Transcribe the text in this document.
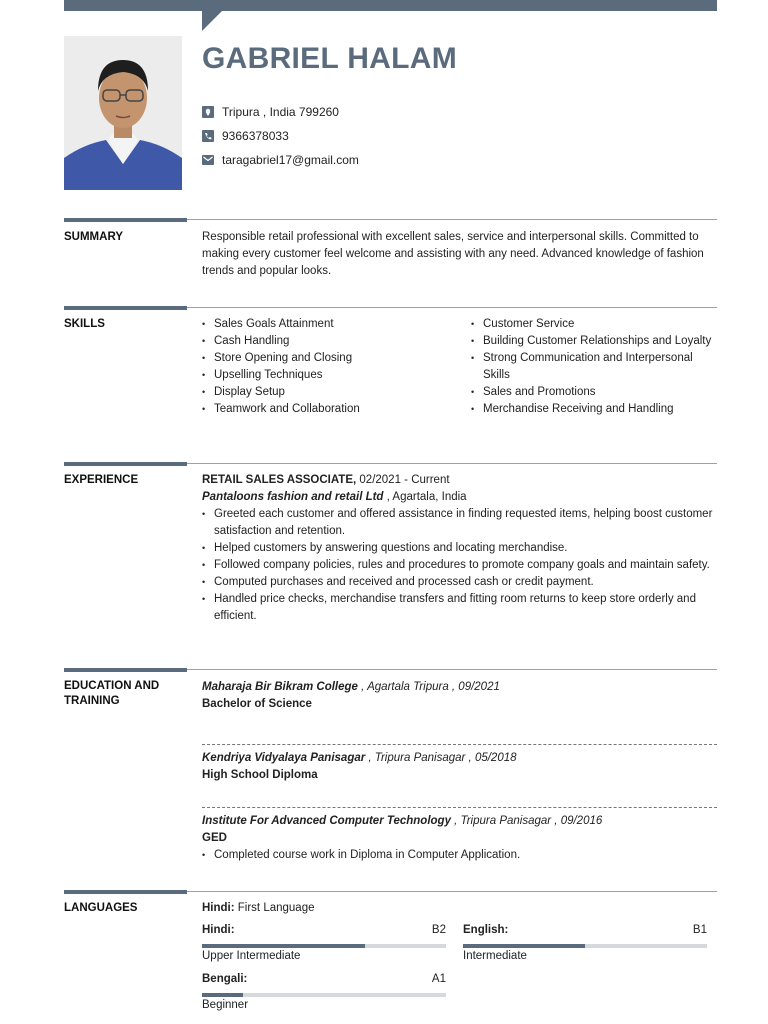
GABRIEL HALAM
Tripura , India 799260
9366378033
taragabriel17@gmail.com
SUMMARY	Responsible retail professional with excellent sales, service and interpersonal skills. Committed to making every customer feel welcome and assisting with any need. Advanced knowledge of fashion trends and popular looks.
SKILLS
•	Sales Goals Attainment
• Cash Handling
• Store Opening and Closing
• Upselling Techniques
• Display Setup
• Teamwork and Collaboration
• Customer Service
• Building Customer Relationships and Loyalty
• Strong Communication and Interpersonal Skills
• Sales and Promotions
• Merchandise Receiving and Handling
EXPERIENCE	RETAIL SALES ASSOCIATE, 02/2021 - Current
Pantaloons fashion and retail Ltd , Agartala, India
• Greeted each customer and offered assistance in finding requested items, helping boost customer satisfaction and retention.
• Helped customers by answering questions and locating merchandise.
• Followed company policies, rules and procedures to promote company goals and maintain safety.
• Computed purchases and received and processed cash or credit payment.
• Handled price checks, merchandise transfers and fitting room returns to keep store orderly and efficient.
EDUCATION AND
TRAINING
Maharaja Bir Bikram College , Agartala Tripura , 09/2021
Bachelor of Science
Kendriya Vidyalaya Panisagar , Tripura Panisagar , 05/2018
High School Diploma
Institute For Advanced Computer Technology , Tripura Panisagar , 09/2016
GED
• Completed course work in Diploma in Computer Application.
LANGUAGES	Hindi: First Language
Hindi:	B2
Upper Intermediate
English:	B1
Intermediate
Bengali:	A1
Beginner
